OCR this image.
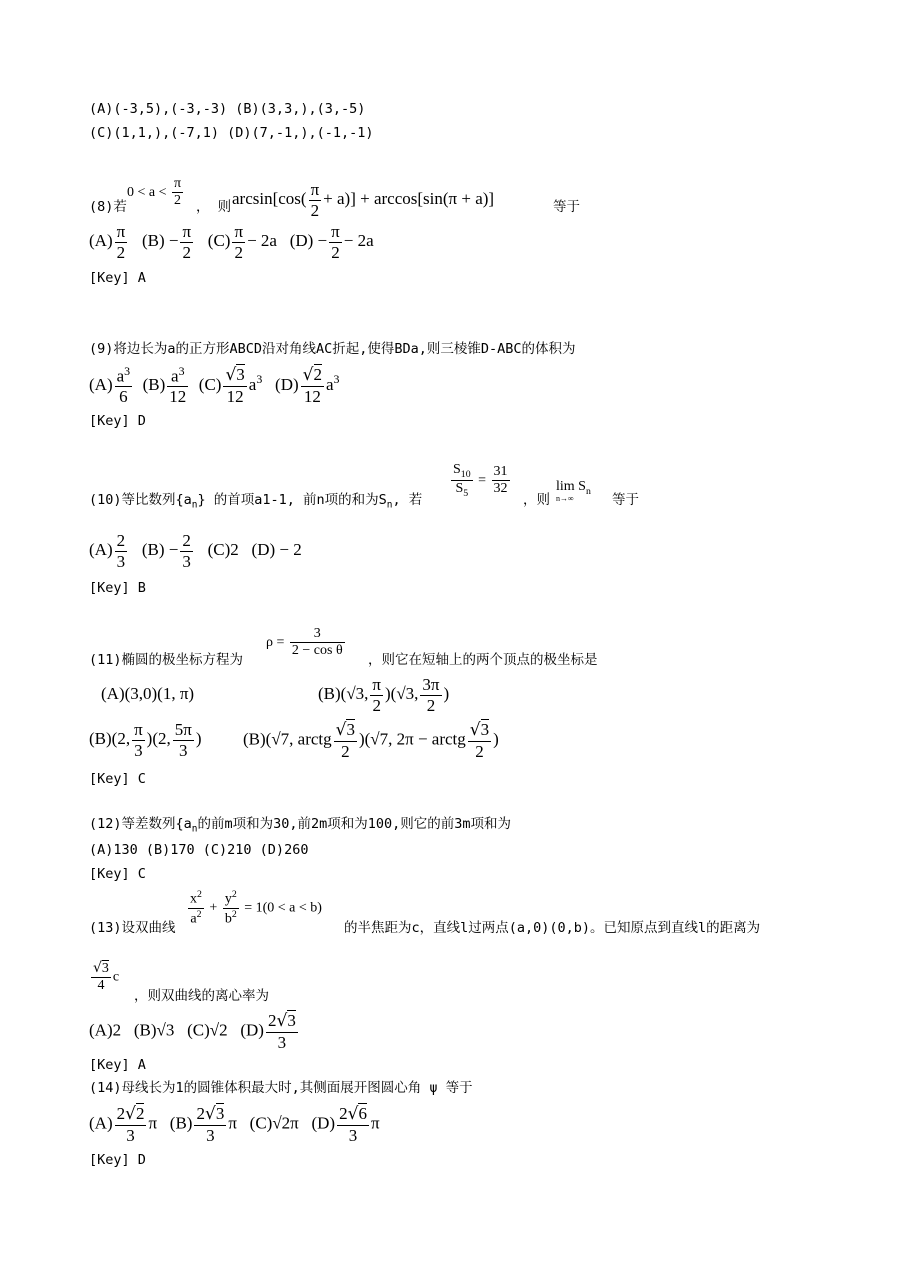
(A)(-3,5),(-3,-3) (B)(3,3,),(3,-5)
(C)(1,1,),(-7,1) (D)(7,-1,),(-1,-1)
$0 < a < \frac{\pi}{2}$
(8)若	， 则 $\arcsin[\cos( \frac{\pi}{2} + a)] + \arccos[\sin(\pi + a)]$	等于
$(A) \frac{\pi}{2} (B) - \frac{\pi}{2} (C) \frac{\pi}{2} - 2a$ $(D) - \frac{\pi}{2} - 2a$
[Key] A
(9)将边长为a的正方形ABCD沿对角线AC折起,使得BDa,则三棱锥D-ABC的体积为
$(A) \frac{a^3}{6} (B) \frac{a^3}{12} (C) \frac{√3}{12} a^3$ $(D) \frac{√2}{12} a^3$
[Key] D
$\frac{S_{10}}{S_5} = \frac{31}{32}$
(10)等比数列$\{a_n\}$ 的首项a1-1, 前n项的和为$S_n$, 若	，则
$\lim S_n$
n→∞	等于
$(A) \frac{2}{3} (B) - \frac{2}{3} (C)2$ (D) − 2
[Key] B
(11)椭圆的极坐标方程为
$\rho = \frac{3}{\text{2 − cos θ}}$
，则它在短轴上的两个顶点的极坐标是
(A)(3,0)(1, π)	(B)(√3, $\frac{\pi}{2} )(√3$, $\frac{3\pi}{2}$ )
(B)(2, $\frac{\pi}{3} )(2$, $\frac{5\pi}{3}$ ) (B)(√7, arctg $\frac{√3}{2} )(√7$, 2π − arctg $\frac{√3}{2}$ )
[Key] C
(12)等差数列{$a_n$的前m项和为30,前2m项和为100,则它的前3m项和为
(A)130 (B)170 (C)210 (D)260
[Key] C
(13)设双曲线
$\frac{x^2}{a^2} + \frac{y^2}{b^2} = 1(0 < a < b)$
的半焦距为c，直线l过两点(a,0)(0,b)。已知原点到直线l的距离为
$\frac{√3}{4}$ c
，则双曲线的离心率为
(A)2 (B)√3 (C)√2 $(D) \frac{2√3}{3}$
[Key] A
(14)母线长为1的圆锥体积最大时,其侧面展开图圆心角 ψ 等于
$(A) \frac{2√2}{3}$ π   $(B) \frac{2√3}{3}$ π   (C)√2π $(D) \frac{2√6}{3}$ π
[Key] D
